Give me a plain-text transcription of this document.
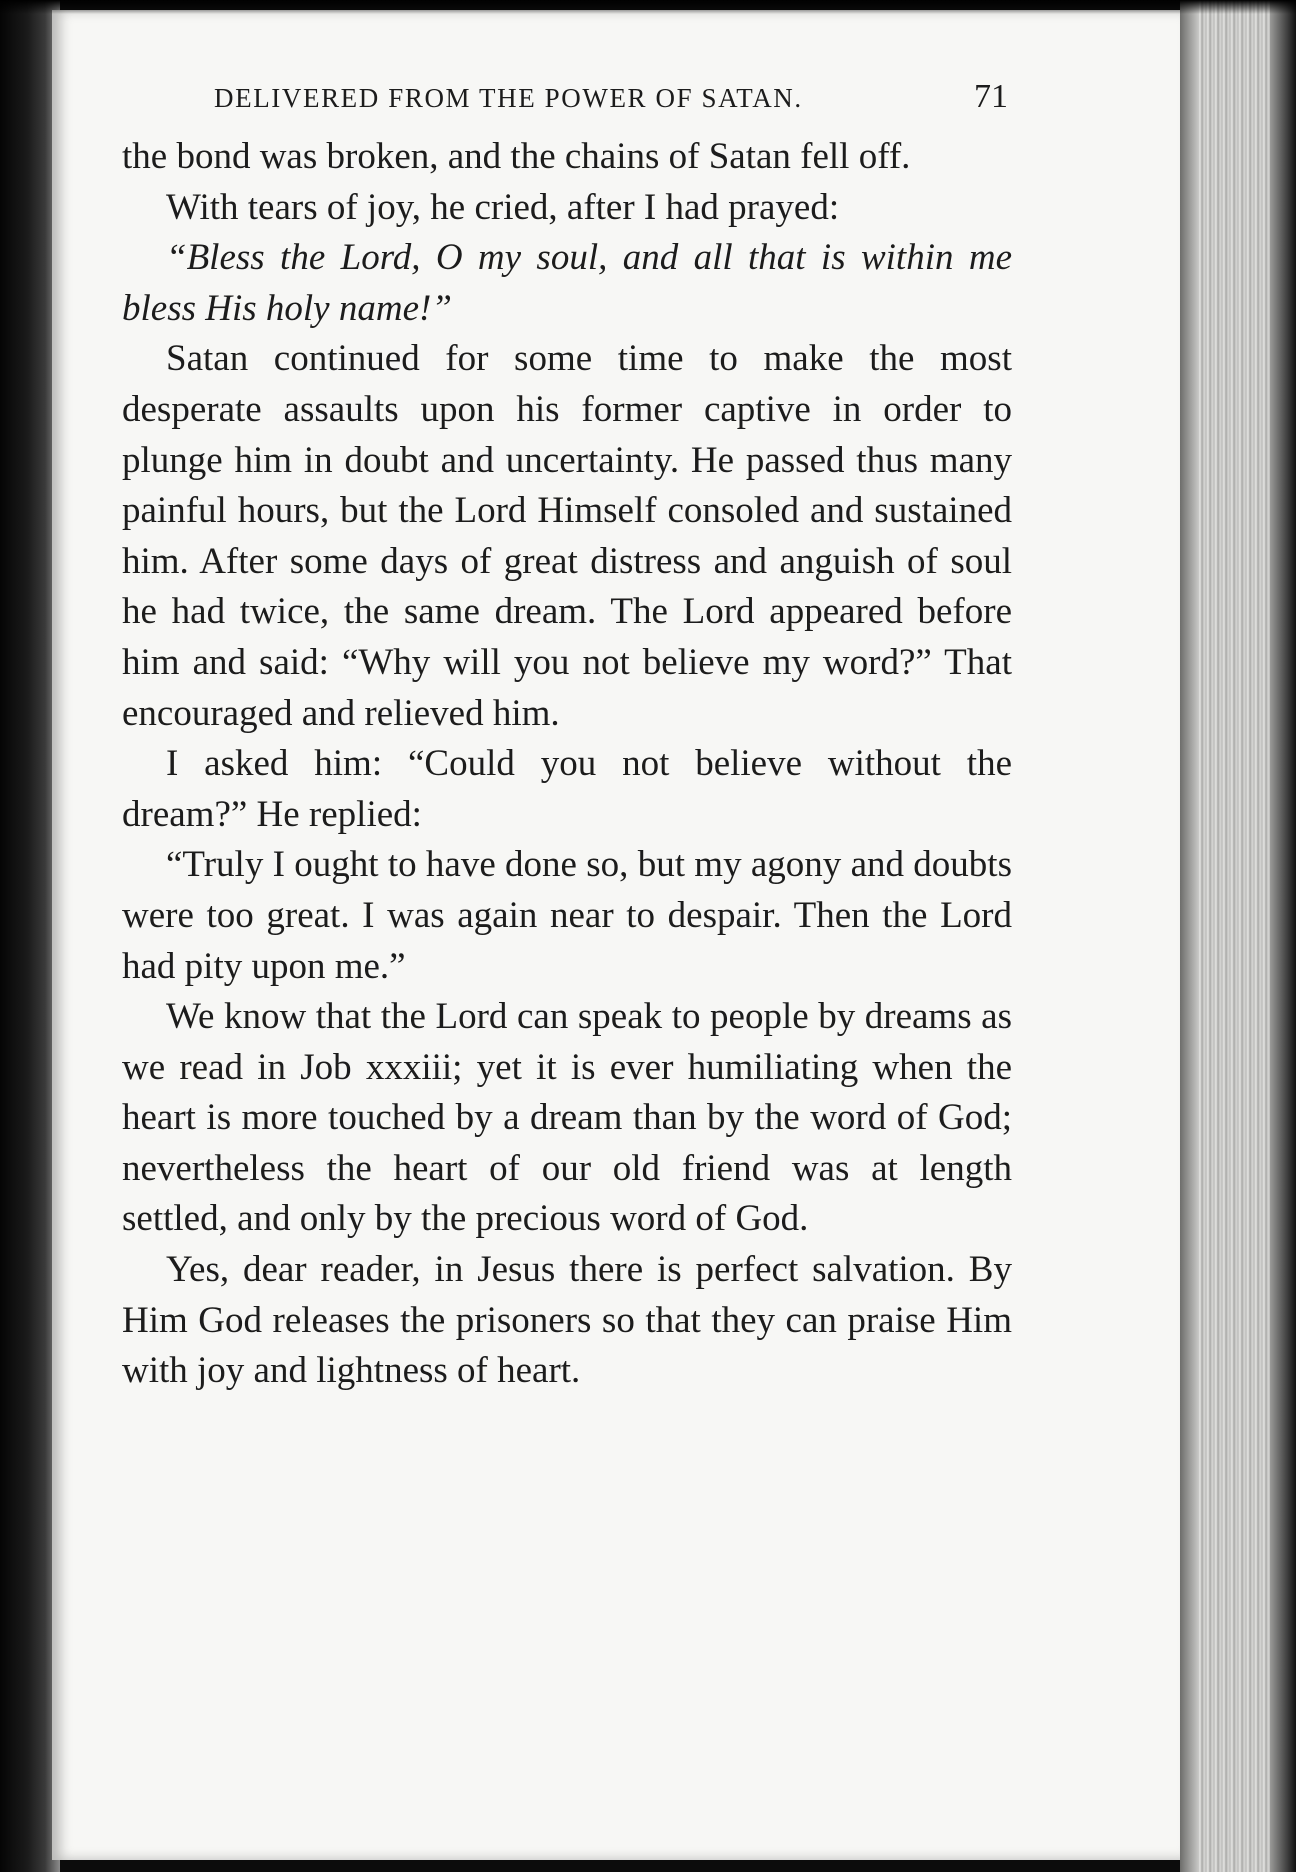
DELIVERED FROM THE POWER OF SATAN.	71

the bond was broken, and the chains of Satan fell off.

With tears of joy, he cried, after I had prayed:

“Bless the Lord, O my soul, and all that is within me bless His holy name!”

Satan continued for some time to make the most desperate assaults upon his former captive in order to plunge him in doubt and uncertainty. He passed thus many painful hours, but the Lord Himself consoled and sustained him. After some days of great distress and anguish of soul he had twice, the same dream. The Lord appeared before him and said: “Why will you not believe my word?” That encouraged and relieved him.

I asked him: “Could you not believe without the dream?” He replied:

“Truly I ought to have done so, but my agony and doubts were too great. I was again near to despair. Then the Lord had pity upon me.”

We know that the Lord can speak to people by dreams as we read in Job xxxiii; yet it is ever humiliating when the heart is more touched by a dream than by the word of God; nevertheless the heart of our old friend was at length settled, and only by the precious word of God.

Yes, dear reader, in Jesus there is perfect salvation. By Him God releases the prisoners so that they can praise Him with joy and lightness of heart.
